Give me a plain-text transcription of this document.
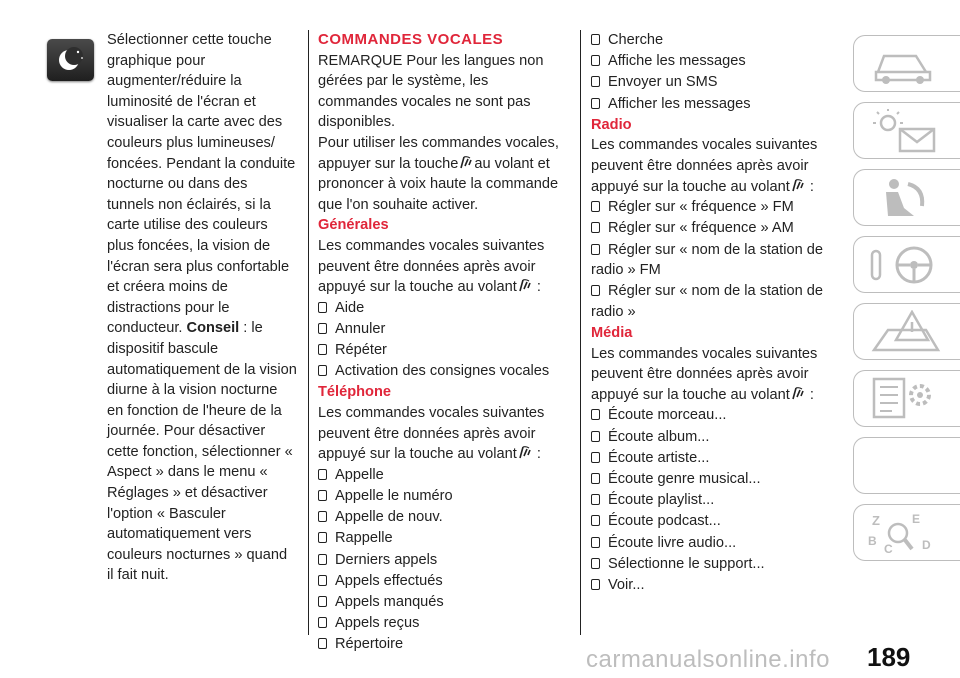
Sélectionner cette touche graphique pour augmenter/réduire la luminosité de l'écran et visualiser la carte avec des couleurs plus lumineuses/ foncées. Pendant la conduite nocturne ou dans des tunnels non éclairés, si la carte utilise des couleurs plus foncées, la vision de l'écran sera plus confortable et créera moins de distractions pour le conducteur. Conseil : le dispositif bascule automatiquement de la vision diurne à la vision nocturne en fonction de l'heure de la journée. Pour désactiver cette fonction, sélectionner « Aspect » dans le menu « Réglages » et désactiver l'option « Basculer automatiquement vers couleurs nocturnes » quand il fait nuit.

COMMANDES VOCALES

REMARQUE Pour les langues non gérées par le système, les commandes vocales ne sont pas disponibles.

Pour utiliser les commandes vocales, appuyer sur la touche au volant et prononcer à voix haute la commande que l'on souhaite activer.

Générales

Les commandes vocales suivantes peuvent être données après avoir appuyé sur la touche au volant :

Aide
Annuler
Répéter
Activation des consignes vocales

Téléphone

Les commandes vocales suivantes peuvent être données après avoir appuyé sur la touche au volant :

Appelle
Appelle le numéro
Appelle de nouv.
Rappelle
Derniers appels
Appels effectués
Appels manqués
Appels reçus
Répertoire
Cherche
Affiche les messages
Envoyer un SMS
Afficher les messages

Radio

Les commandes vocales suivantes peuvent être données après avoir appuyé sur la touche au volant :

Régler sur « fréquence » FM
Régler sur « fréquence » AM
Régler sur « nom de la station de radio » FM
Régler sur « nom de la station de radio »

Média

Les commandes vocales suivantes peuvent être données après avoir appuyé sur la touche au volant :

Écoute morceau...
Écoute album...
Écoute artiste...
Écoute genre musical...
Écoute playlist...
Écoute podcast...
Écoute livre audio...
Sélectionne le support...
Voir...
Z	E
B
C D
carmanualsonline.info 189
